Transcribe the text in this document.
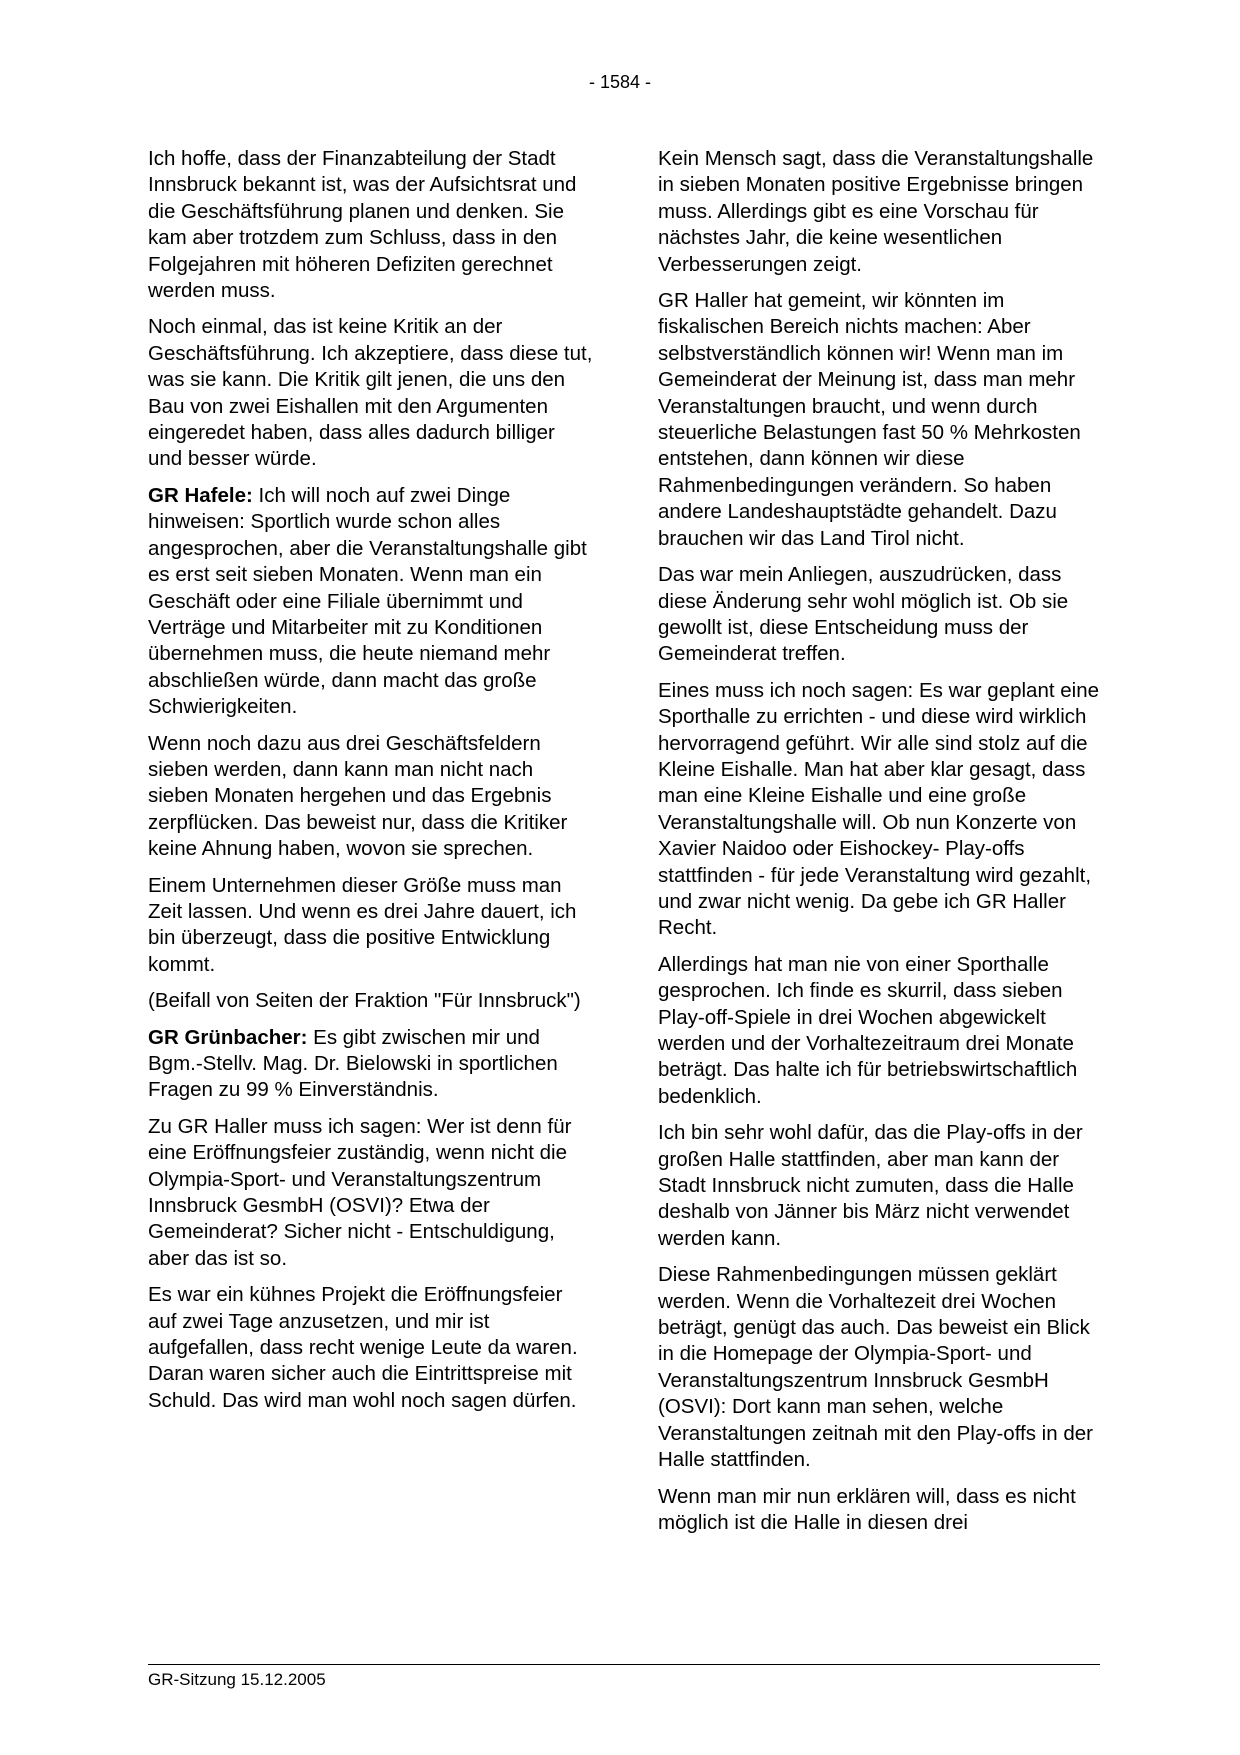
- 1584 -

Ich hoffe, dass der Finanzabteilung der Stadt Innsbruck bekannt ist, was der Aufsichtsrat und die Geschäftsführung planen und denken. Sie kam aber trotzdem zum Schluss, dass in den Folgejahren mit höheren Defiziten gerechnet werden muss.

Noch einmal, das ist keine Kritik an der Geschäftsführung. Ich akzeptiere, dass diese tut, was sie kann. Die Kritik gilt jenen, die uns den Bau von zwei Eishallen mit den Argumenten eingeredet haben, dass alles dadurch billiger und besser würde.

GR Hafele: Ich will noch auf zwei Dinge hinweisen: Sportlich wurde schon alles angesprochen, aber die Veranstaltungshalle gibt es erst seit sieben Monaten. Wenn man ein Geschäft oder eine Filiale übernimmt und Verträge und Mitarbeiter mit zu Konditionen übernehmen muss, die heute niemand mehr abschließen würde, dann macht das große Schwierigkeiten.

Wenn noch dazu aus drei Geschäftsfeldern sieben werden, dann kann man nicht nach sieben Monaten hergehen und das Ergebnis zerpflücken. Das beweist nur, dass die Kritiker keine Ahnung haben, wovon sie sprechen.

Einem Unternehmen dieser Größe muss man Zeit lassen. Und wenn es drei Jahre dauert, ich bin überzeugt, dass die positive Entwicklung kommt.

(Beifall von Seiten der Fraktion "Für Innsbruck")

GR Grünbacher: Es gibt zwischen mir und Bgm.-Stellv. Mag. Dr. Bielowski in sportlichen Fragen zu 99 % Einverständnis.

Zu GR Haller muss ich sagen: Wer ist denn für eine Eröffnungsfeier zuständig, wenn nicht die Olympia-Sport- und Veranstaltungszentrum Innsbruck GesmbH (OSVI)? Etwa der Gemeinderat? Sicher nicht - Entschuldigung, aber das ist so.

Es war ein kühnes Projekt die Eröffnungsfeier auf zwei Tage anzusetzen, und mir ist aufgefallen, dass recht wenige Leute da waren. Daran waren sicher auch die Eintrittspreise mit Schuld. Das wird man wohl noch sagen dürfen.

Kein Mensch sagt, dass die Veranstaltungshalle in sieben Monaten positive Ergebnisse bringen muss. Allerdings gibt es eine Vorschau für nächstes Jahr, die keine wesentlichen Verbesserungen zeigt.

GR Haller hat gemeint, wir könnten im fiskalischen Bereich nichts machen: Aber selbstverständlich können wir! Wenn man im Gemeinderat der Meinung ist, dass man mehr Veranstaltungen braucht, und wenn durch steuerliche Belastungen fast 50 % Mehrkosten entstehen, dann können wir diese Rahmenbedingungen verändern. So haben andere Landeshauptstädte gehandelt. Dazu brauchen wir das Land Tirol nicht.

Das war mein Anliegen, auszudrücken, dass diese Änderung sehr wohl möglich ist. Ob sie gewollt ist, diese Entscheidung muss der Gemeinderat treffen.

Eines muss ich noch sagen: Es war geplant eine Sporthalle zu errichten - und diese wird wirklich hervorragend geführt. Wir alle sind stolz auf die Kleine Eishalle. Man hat aber klar gesagt, dass man eine Kleine Eishalle und eine große Veranstaltungshalle will. Ob nun Konzerte von Xavier Naidoo oder Eishockey- Play-offs stattfinden - für jede Veranstaltung wird gezahlt, und zwar nicht wenig. Da gebe ich GR Haller Recht.

Allerdings hat man nie von einer Sporthalle gesprochen. Ich finde es skurril, dass sieben Play-off-Spiele in drei Wochen abgewickelt werden und der Vorhaltezeitraum drei Monate beträgt. Das halte ich für betriebswirtschaftlich bedenklich.

Ich bin sehr wohl dafür, das die Play-offs in der großen Halle stattfinden, aber man kann der Stadt Innsbruck nicht zumuten, dass die Halle deshalb von Jänner bis März nicht verwendet werden kann.

Diese Rahmenbedingungen müssen geklärt werden. Wenn die Vorhaltezeit drei Wochen beträgt, genügt das auch. Das beweist ein Blick in die Homepage der Olympia-Sport- und Veranstaltungszentrum Innsbruck GesmbH (OSVI): Dort kann man sehen, welche Veranstaltungen zeitnah mit den Play-offs in der Halle stattfinden.

Wenn man mir nun erklären will, dass es nicht möglich ist die Halle in diesen drei

GR-Sitzung 15.12.2005
